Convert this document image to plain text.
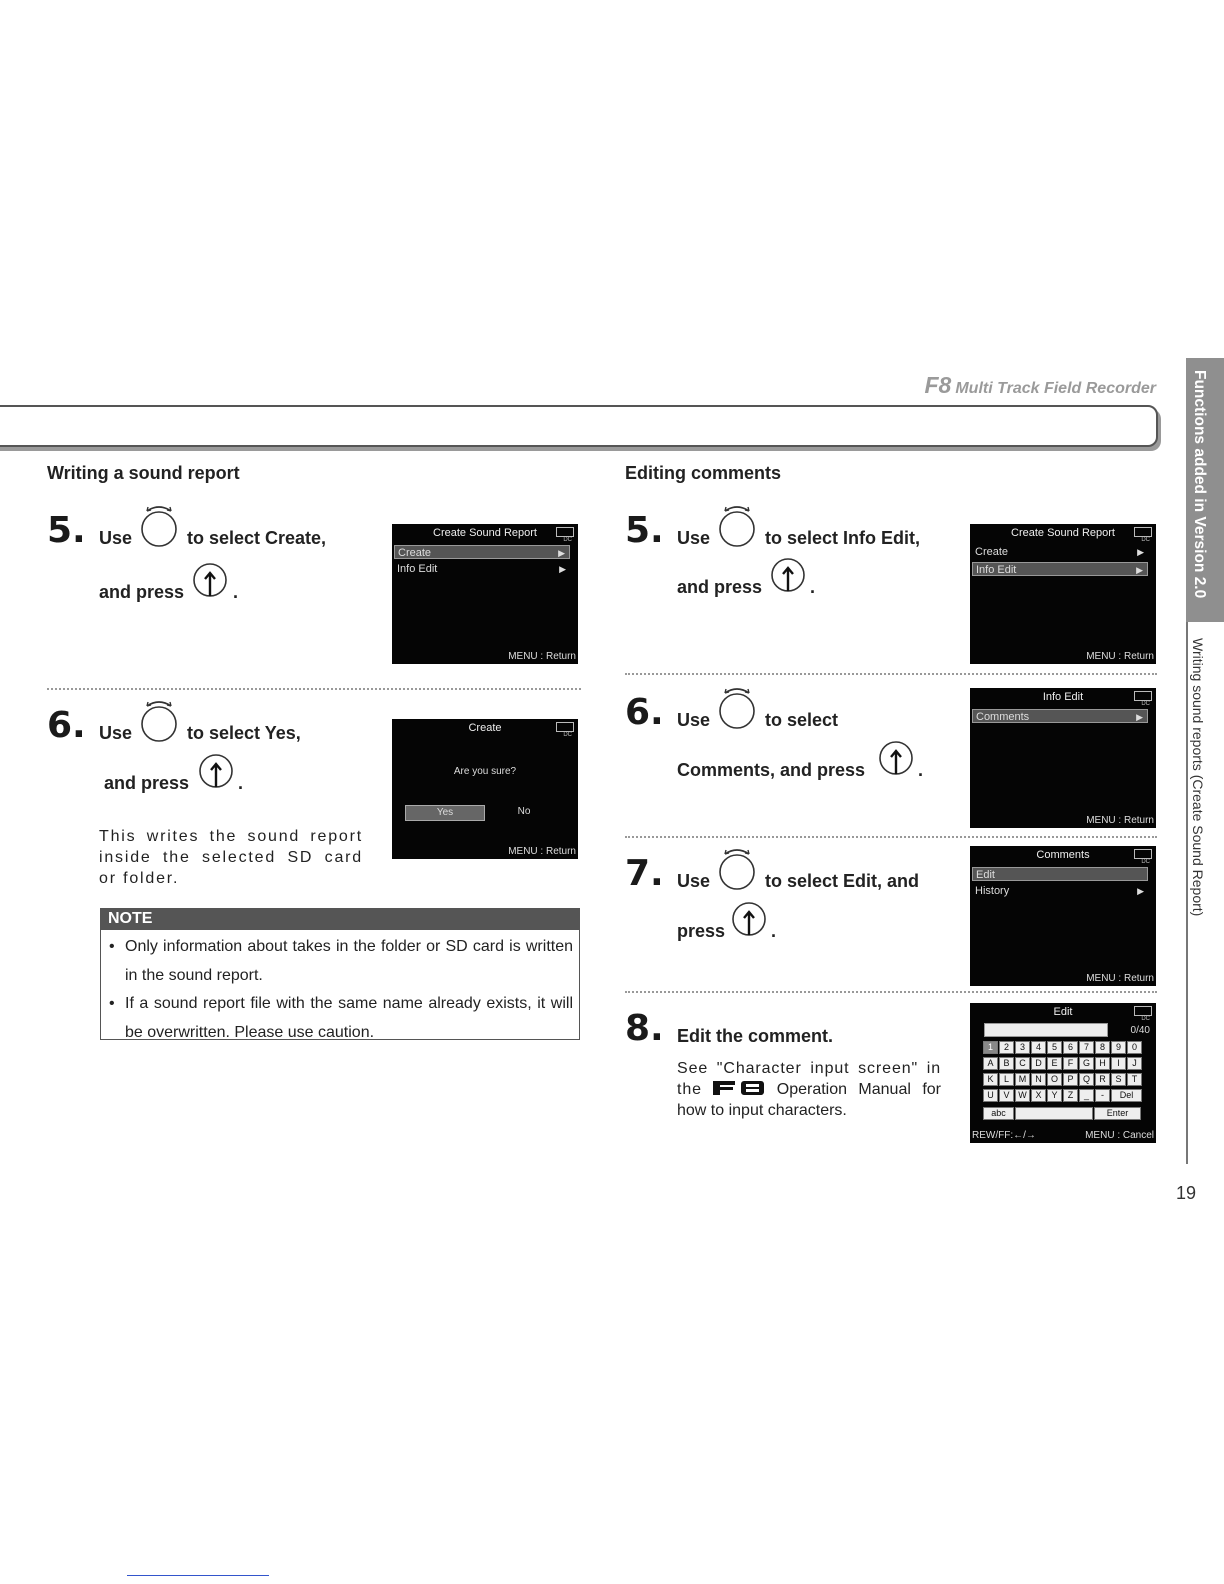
F8 Multi Track Field Recorder Functions added in Version 2.0
Writing sound reports (Create Sound Report)
19
Writing a sound report
5. Use	to select Create,
and press	.
Create Sound Report
DC
Create	▶
Info Edit	▶
MENU : Return
6. Use	to select Yes,
and press	.
This writes the sound report inside the selected SD card or folder.
Create
DC
Are you sure?
Yes	No
MENU : Return
NOTE
• Only information about takes in the folder or SD card is written in the sound report.
• If a sound report file with the same name already exists, it will be overwritten. Please use caution.
Editing comments
5. Use	to select Info Edit,
and press	.
Create Sound Report
DC
Create	▶
Info Edit	▶
MENU : Return
6. Use	to select
Comments, and press	.
Info Edit
DC
Comments	▶
MENU : Return
7. Use	to select Edit, and
press	.
Comments
DC
Edit
History	▶
MENU : Return
8. Edit the comment.
See "Character input screen" in the	Operation Manual for how to input characters.
Edit
DC
0/40
1	2	3	4	5	6	7	8	9	0
A	B	C	D	E	F	G	H	I	J
K	L	M	N	O	P	Q	R	S	T
U	V W X	Y	Z	_	-	Del
abc	Enter
REW/FF:←/→	MENU : Cancel
